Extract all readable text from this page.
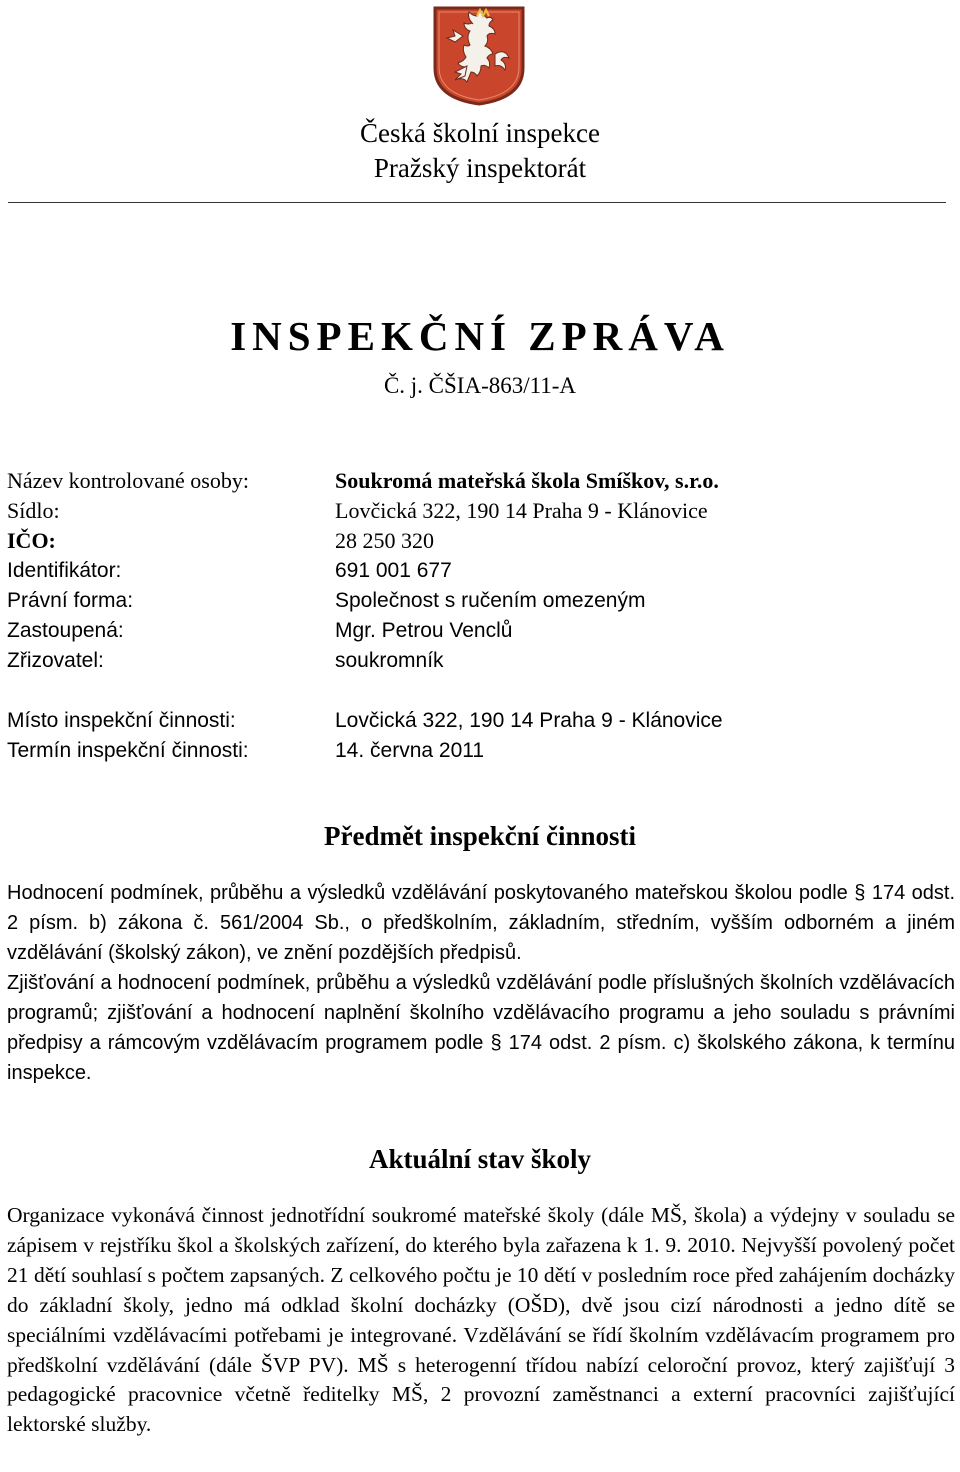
Česká školní inspekce
Pražský inspektorát
INSPEKČNÍ ZPRÁVA
Č. j. ČŠIA-863/11-A
Název kontrolované osoby:	Soukromá mateřská škola Smíškov, s.r.o.
Sídlo:	Lovčická 322, 190 14 Praha 9 - Klánovice
IČO:	28 250 320
Identifikátor:	691 001 677
Právní forma:	Společnost s ručením omezeným
Zastoupená:	Mgr. Petrou Venclů
Zřizovatel:	soukromník
Místo inspekční činnosti:	Lovčická 322, 190 14 Praha 9 - Klánovice
Termín inspekční činnosti:	14. června 2011
Předmět inspekční činnosti
Hodnocení podmínek, průběhu a výsledků vzdělávání poskytovaného mateřskou školou podle § 174 odst. 2 písm. b) zákona č. 561/2004 Sb., o předškolním, základním, středním, vyšším odborném a jiném vzdělávání (školský zákon), ve znění pozdějších předpisů.
Zjišťování a hodnocení podmínek, průběhu a výsledků vzdělávání podle příslušných školních vzdělávacích programů; zjišťování a hodnocení naplnění školního vzdělávacího programu a jeho souladu s právními předpisy a rámcovým vzdělávacím programem podle § 174 odst. 2 písm. c) školského zákona, k termínu inspekce.
Aktuální stav školy
Organizace vykonává činnost jednotřídní soukromé mateřské školy (dále MŠ, škola) a výdejny v souladu se zápisem v rejstříku škol a školských zařízení, do kterého byla zařazena k 1. 9. 2010. Nejvyšší povolený počet 21 dětí souhlasí s počtem zapsaných. Z celkového počtu je 10 dětí v posledním roce před zahájením docházky do základní školy, jedno má odklad školní docházky (OŠD), dvě jsou cizí národnosti a jedno dítě se speciálními vzdělávacími potřebami je integrované. Vzdělávání se řídí školním vzdělávacím programem pro předškolní vzdělávání (dále ŠVP PV). MŠ s heterogenní třídou nabízí celoroční provoz, který zajišťují 3 pedagogické pracovnice včetně ředitelky MŠ, 2 provozní zaměstnanci a externí pracovníci zajišťující lektorské služby.
